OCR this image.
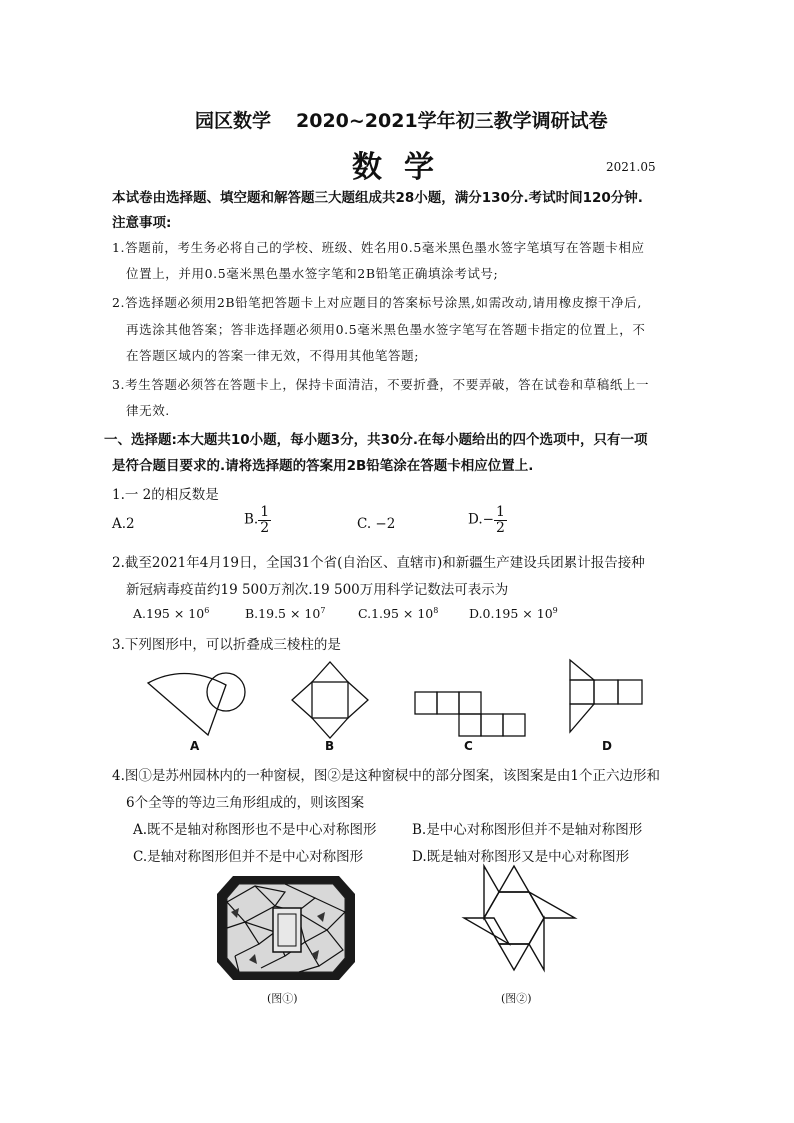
园区数学 2020~2021学年初三教学调研试卷
数学	2021.05
本试卷由选择题、填空题和解答题三大题组成共28小题，满分130分.考试时间120分钟.
注意事项:
1.答题前，考生务必将自己的学校、班级、姓名用0.5毫米黑色墨水签字笔填写在答题卡相应
位置上，并用0.5毫米黑色墨水签字笔和2B铅笔正确填涂考试号;
2.答选择题必须用2B铅笔把答题卡上对应题目的答案标号涂黑,如需改动,请用橡皮擦干净后,
再选涂其他答案；答非选择题必须用0.5毫米黑色墨水签字笔写在答题卡指定的位置上，不
在答题区域内的答案一律无效，不得用其他笔答题;
3.考生答题必须答在答题卡上，保持卡面清洁，不要折叠，不要弄破，答在试卷和草稿纸上一
律无效.
一、选择题:本大题共10小题，每小题3分，共30分.在每小题给出的四个选项中，只有一项
是符合题目要求的.请将选择题的答案用2B铅笔涂在答题卡相应位置上.
1.一 2的相反数是
A.2	B. $\frac{1}{2}$	C. −2	$D.- \frac{1}{2}$
2.截至2021年4月19日，全国31个省(自治区、直辖市)和新疆生产建设兵团累计报告接种
新冠病毒疫苗约19 500万剂次.19 500万用科学记数法可表示为
$A.195 \times 10^6$	$B.19.5 \times 10^7$	$C.1.95 \times 10^8$ $D.0.195 \times 10^9$
3.下列图形中，可以折叠成三棱柱的是
A	B	C	D
4.图①是苏州园林内的一种窗棂，图②是这种窗棂中的部分图案，该图案是由1个正六边形和
6个全等的等边三角形组成的，则该图案
A.既不是轴对称图形也不是中心对称图形	B.是中心对称图形但并不是轴对称图形
C.是轴对称图形但并不是中心对称图形	D.既是轴对称图形又是中心对称图形
(图①)	(图②)
